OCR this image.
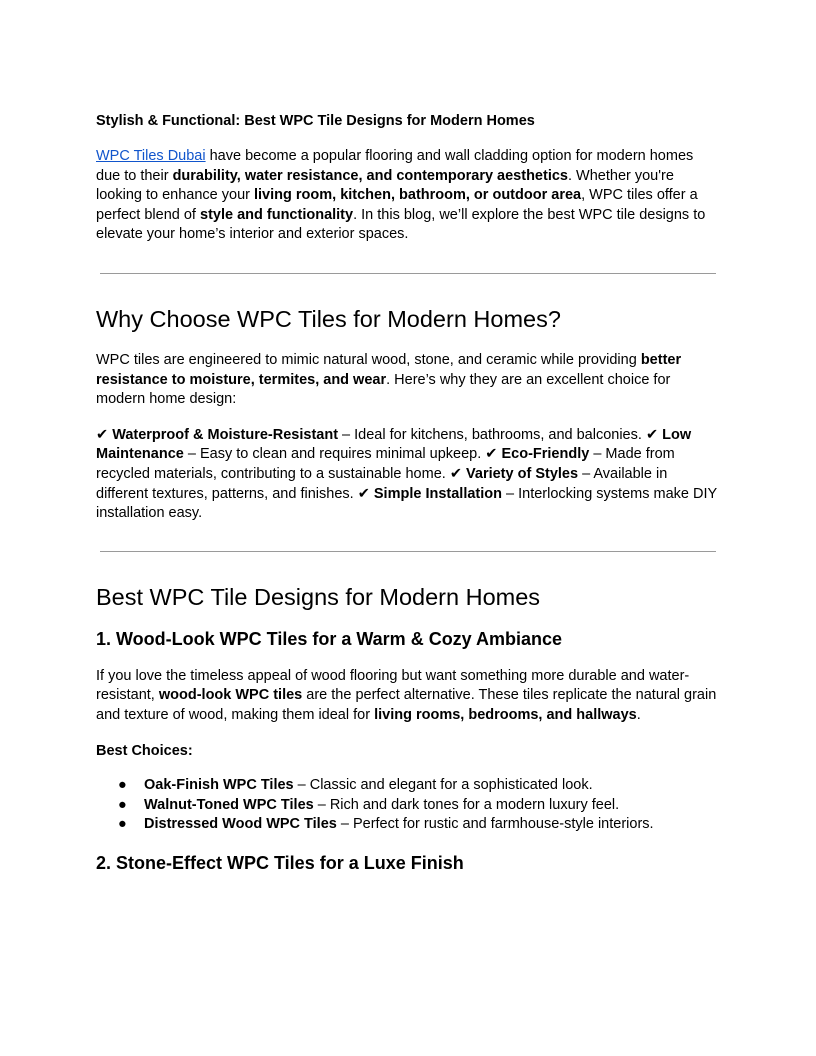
Stylish & Functional: Best WPC Tile Designs for Modern Homes

WPC Tiles Dubai have become a popular flooring and wall cladding option for modern homes due to their durability, water resistance, and contemporary aesthetics. Whether you're looking to enhance your living room, kitchen, bathroom, or outdoor area, WPC tiles offer a perfect blend of style and functionality. In this blog, we’ll explore the best WPC tile designs to elevate your home’s interior and exterior spaces.

Why Choose WPC Tiles for Modern Homes?

WPC tiles are engineered to mimic natural wood, stone, and ceramic while providing better resistance to moisture, termites, and wear. Here’s why they are an excellent choice for modern home design:

✔ Waterproof & Moisture-Resistant – Ideal for kitchens, bathrooms, and balconies. ✔ Low Maintenance – Easy to clean and requires minimal upkeep. ✔ Eco-Friendly – Made from recycled materials, contributing to a sustainable home. ✔ Variety of Styles – Available in different textures, patterns, and finishes. ✔ Simple Installation – Interlocking systems make DIY installation easy.

Best WPC Tile Designs for Modern Homes
1. Wood-Look WPC Tiles for a Warm & Cozy Ambiance

If you love the timeless appeal of wood flooring but want something more durable and water-resistant, wood-look WPC tiles are the perfect alternative. These tiles replicate the natural grain and texture of wood, making them ideal for living rooms, bedrooms, and hallways.

Best Choices:

● Oak-Finish WPC Tiles – Classic and elegant for a sophisticated look.
● Walnut-Toned WPC Tiles – Rich and dark tones for a modern luxury feel.
● Distressed Wood WPC Tiles – Perfect for rustic and farmhouse-style interiors.
2. Stone-Effect WPC Tiles for a Luxe Finish
